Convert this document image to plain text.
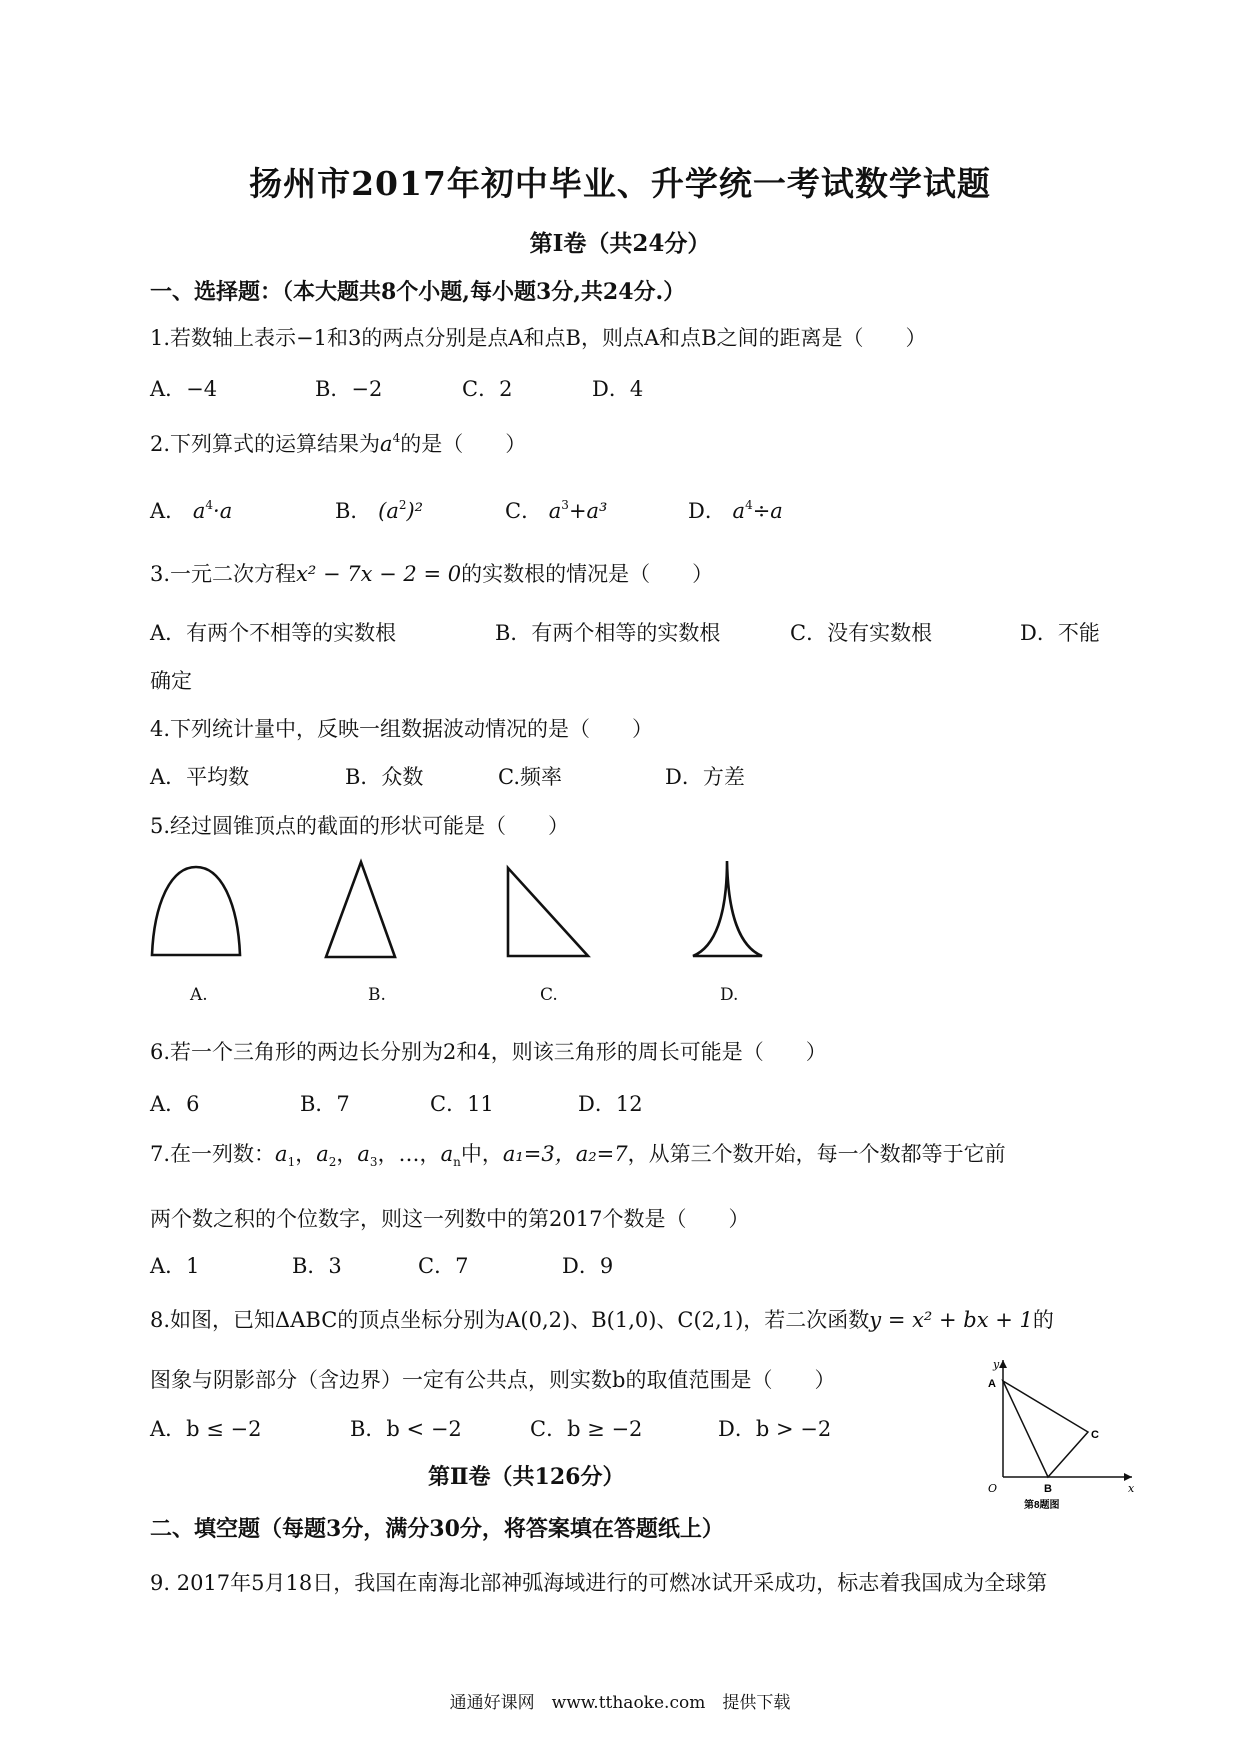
扬州市2017年初中毕业、升学统一考试数学试题
第Ⅰ卷（共24分）
一、选择题：（本大题共8个小题,每小题3分,共24分.）
1.若数轴上表示−1和3的两点分别是点A和点B，则点A和点B之间的距离是（　　）
A．−4	B．−2	C．2	D．4
2.下列算式的运算结果为$a^4$的是（　　）
A． $a^4\cdot a$	B． $(a^2)^2$	C． $a^3+a^3$	D． $a^4\div a$
3.一元二次方程x² − 7x − 2 = 0的实数根的情况是（　　）
A．有两个不相等的实数根	B．有两个相等的实数根	C．没有实数根	D．不能
确定
4.下列统计量中，反映一组数据波动情况的是（　　）
A．平均数	B．众数	C.频率	D．方差
5.经过圆锥顶点的截面的形状可能是（　　）
A.	B.	C.	D.
6.若一个三角形的两边长分别为2和4，则该三角形的周长可能是（　　）
A．6	B．7	C．11	D．12
7.在一列数：$a_1$，$a_2$，$a_3$，…，$a_n$中，a₁=3，a₂=7，从第三个数开始，每一个数都等于它前
两个数之积的个位数字，则这一列数中的第2017个数是（　　）
A．1	B．3	C．7	D．9
8.如图，已知ΔABC的顶点坐标分别为A(0,2)、B(1,0)、C(2,1)，若二次函数y = x² + bx + 1的
图象与阴影部分（含边界）一定有公共点，则实数b的取值范围是（　　）
A．b ≤ −2	B．b < −2	C．b ≥ −2	D．b > −2
A
B
C
O	x
y
第8题图
第Ⅱ卷（共126分）
二、填空题（每题3分，满分30分，将答案填在答题纸上）
9. 2017年5月18日，我国在南海北部神弧海域进行的可燃冰试开采成功，标志着我国成为全球第
通通好课网　www.tthaoke.com　提供下载
